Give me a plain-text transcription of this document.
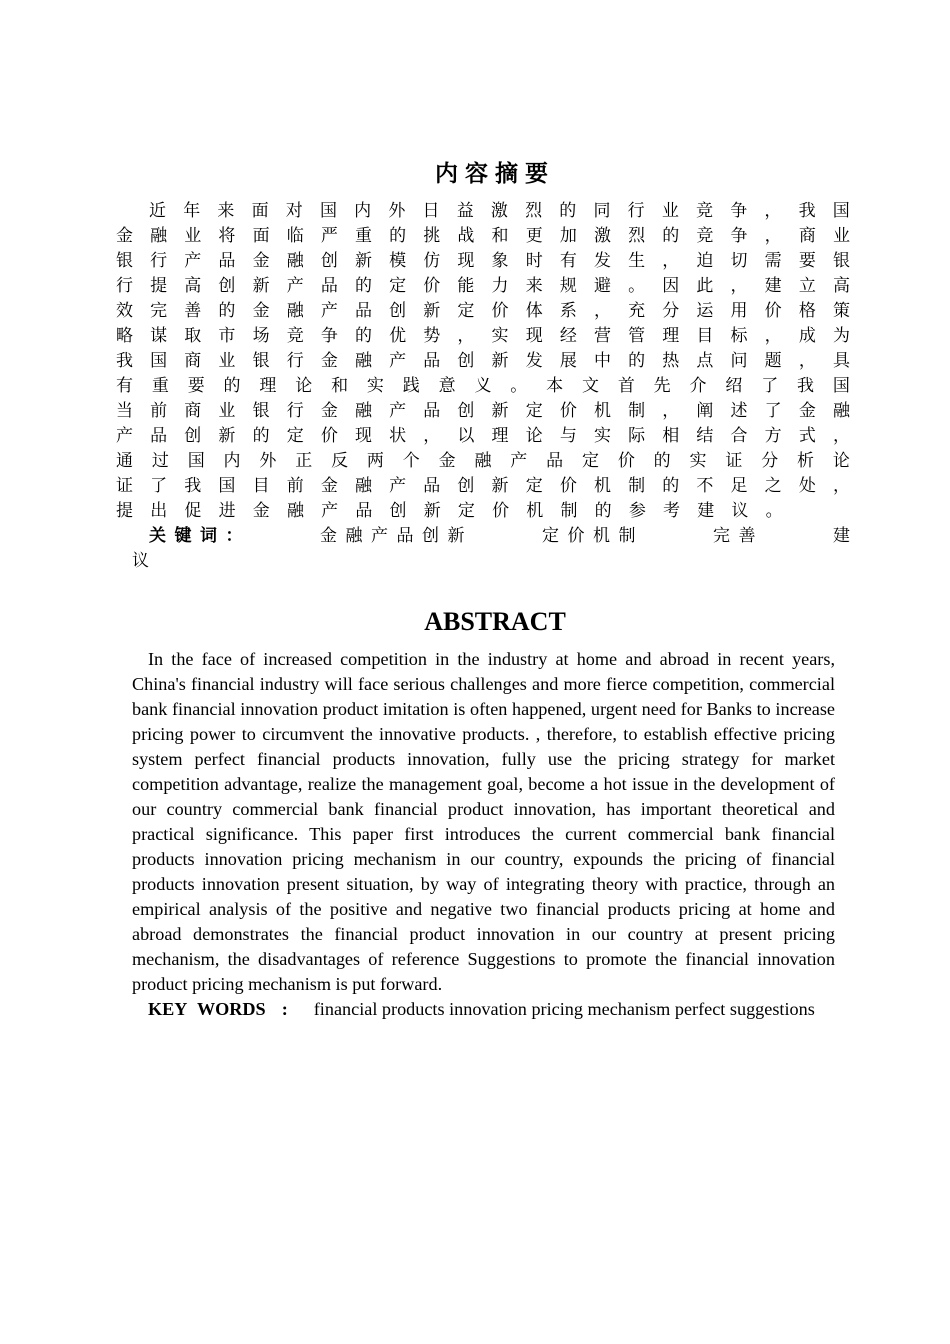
内容摘要
近 年 来 面 对 国 内 外 日 益 激 烈 的 同 行 业 竞 争 ， 我 国
金 融 业 将 面 临 严 重 的 挑 战 和 更 加 激 烈 的 竞 争 ， 商 业
银 行 产 品 金 融 创 新 模 仿 现 象 时 有 发 生 ， 迫 切 需 要 银
行 提 高 创 新 产 品 的 定 价 能 力 来 规 避 。 因 此 ， 建 立 高
效 完 善 的 金 融 产 品 创 新 定 价 体 系 ， 充 分 运 用 价 格 策
略 谋 取 市 场 竞 争 的 优 势 ， 实 现 经 营 管 理 目 标 ， 成 为
我 国 商 业 银 行 金 融 产 品 创 新 发 展 中 的 热 点 问 题 ， 具
有 重 要 的 理 论 和 实 践 意 义 。 本 文 首 先 介 绍 了 我 国
当 前 商 业 银 行 金 融 产 品 创 新 定 价 机 制 ， 阐 述 了 金 融
产 品 创 新 的 定 价 现 状 ， 以 理 论 与 实 际 相 结 合 方 式 ，
通 过 国 内 外 正 反 两 个 金 融 产 品 定 价 的 实 证 分 析 论
证 了 我 国 目 前 金 融 产 品 创 新 定 价 机 制 的 不 足 之 处 ，
提 出 促 进 金 融 产 品 创 新 定 价 机 制 的 参 考 建 议 。
关 键 词 ：	金 融 产 品 创 新	定 价 机 制	完 善	建
议
ABSTRACT

In the face of increased competition in the industry at home and abroad in recent years, China's financial industry will face serious challenges and more fierce competition, commercial bank financial innovation product imitation is often happened, urgent need for Banks to increase pricing power to circumvent the innovative products. , therefore, to establish effective pricing system perfect financial products innovation, fully use the pricing strategy for market competition advantage, realize the management goal, become a hot issue in the development of our country commercial bank financial product innovation, has important theoretical and practical significance. This paper first introduces the current commercial bank financial products innovation pricing mechanism in our country, expounds the pricing of financial products innovation present situation, by way of integrating theory with practice, through an empirical analysis of the positive and negative two financial products pricing at home and abroad demonstrates the financial product innovation in our country at present pricing mechanism, the disadvantages of reference Suggestions to promote the financial innovation product pricing mechanism is put forward.

KEY WORDS : financial products innovation pricing mechanism perfect suggestions
